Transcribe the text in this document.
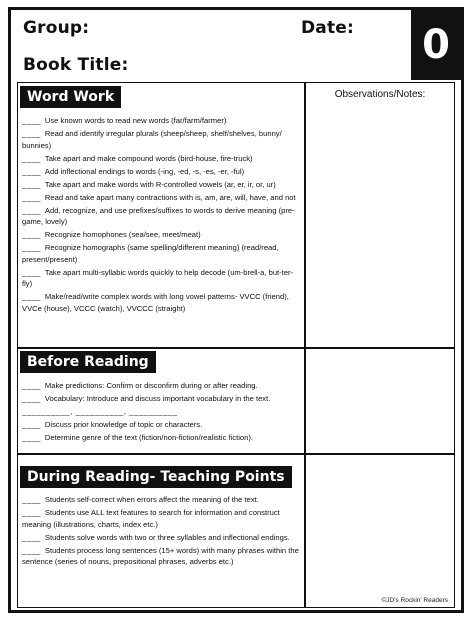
Group:	Date:
Book Title:	0
Observations/Notes:
Word Work
____ Use known words to read new words (far/farm/farmer)
____ Read and identify irregular plurals (sheep/sheep, shelf/shelves, bunny/ bunnies)
____ Take apart and make compound words (bird-house, fire-truck)
____ Add inflectional endings to words (-ing, -ed, -s, -es, -er, -ful)
____ Take apart and make words with R-controlled vowels (ar, er, ir, or, ur)
____ Read and take apart many contractions with is, am, are, will, have, and not
____ Add, recognize, and use prefixes/suffixes to words to derive meaning (pre-game, lovely)
____ Recognize homophones (sea/see, meet/meat)
____ Recognize homographs (same spelling/different meaning) (read/read, present/present)
____ Take apart multi-syllabic words quickly to help decode (um-brell-a, but-ter-fly)
____ Make/read/write complex words with long vowel patterns- VVCC (friend), VVCe (house), VCCC (watch), VVCCC (straight)
Before Reading
____ Make predictions: Confirm or disconfirm during or after reading.
____ Vocabulary: Introduce and discuss important vocabulary in the text.
__________, __________, __________
____ Discuss prior knowledge of topic or characters.
____ Determine genre of the text (fiction/non-fiction/realistic fiction).
During Reading- Teaching Points
____ Students self-correct when errors affect the meaning of the text.
____ Students use ALL text features to search for information and construct meaning (illustrations, charts, index etc.)
____ Students solve words with two or three syllables and inflectional endings.
____ Students process long sentences (15+ words) with many phrases within the sentence (series of nouns, prepositional phrases, adverbs etc.)
©JD's Rockin' Readers
